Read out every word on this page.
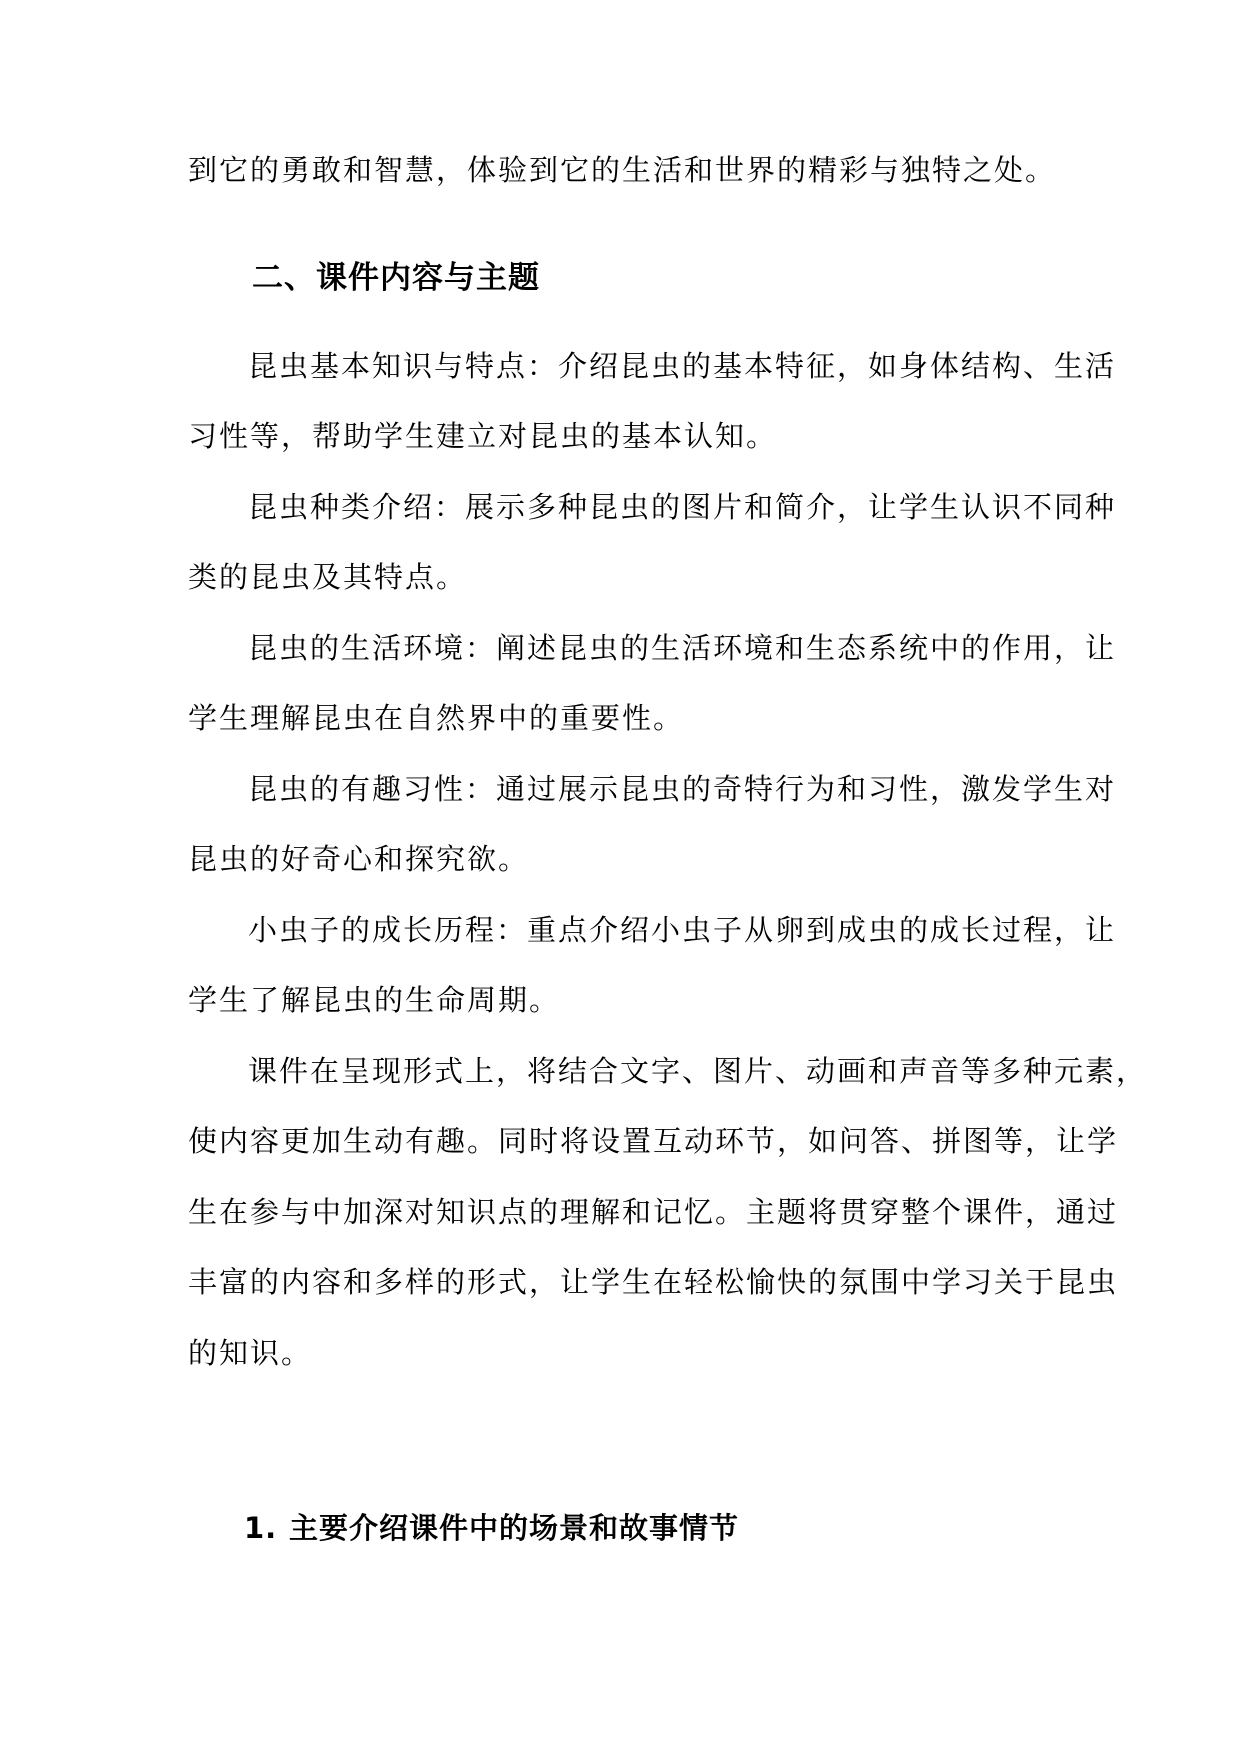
到它的勇敢和智慧，体验到它的生活和世界的精彩与独特之处。
二、课件内容与主题
昆虫基本知识与特点：介绍昆虫的基本特征，如身体结构、生活
习性等，帮助学生建立对昆虫的基本认知。
昆虫种类介绍：展示多种昆虫的图片和简介，让学生认识不同种
类的昆虫及其特点。
昆虫的生活环境：阐述昆虫的生活环境和生态系统中的作用，让
学生理解昆虫在自然界中的重要性。
昆虫的有趣习性：通过展示昆虫的奇特行为和习性，激发学生对
昆虫的好奇心和探究欲。
小虫子的成长历程：重点介绍小虫子从卵到成虫的成长过程，让
学生了解昆虫的生命周期。
课件在呈现形式上，将结合文字、图片、动画和声音等多种元素，
使内容更加生动有趣。同时将设置互动环节，如问答、拼图等，让学
生在参与中加深对知识点的理解和记忆。主题将贯穿整个课件，通过
丰富的内容和多样的形式，让学生在轻松愉快的氛围中学习关于昆虫
的知识。
1. 主要介绍课件中的场景和故事情节
